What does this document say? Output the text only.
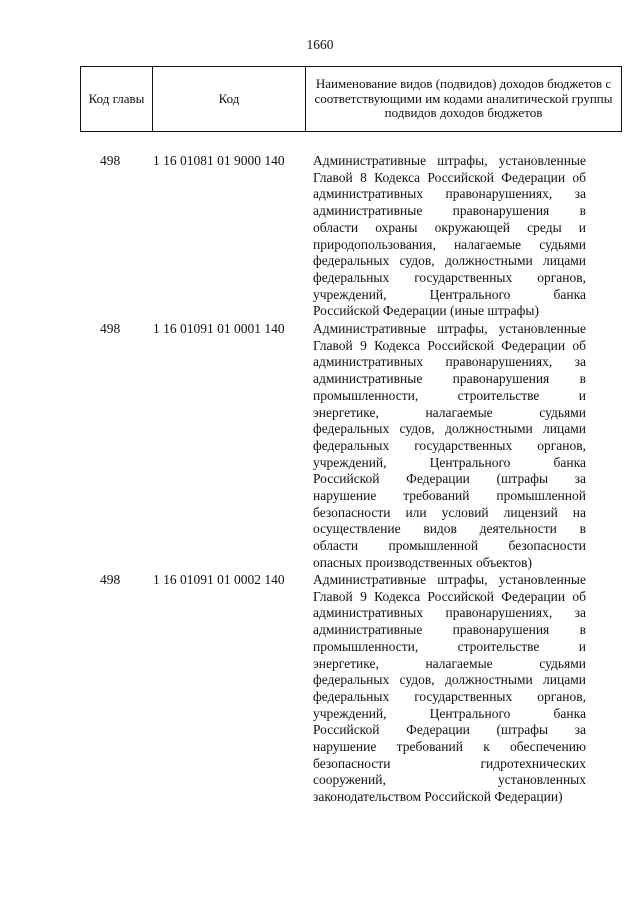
1660
Код главы	Код	Наименование видов (подвидов) доходов бюджетов с соответствующими им кодами аналитической группы подвидов доходов бюджетов
498	1 16 01081 01 9000 140	Административные штрафы, установленные
Главой 8 Кодекса Российской Федерации об
административных правонарушениях, за
административные правонарушения в
области охраны окружающей среды и
природопользования, налагаемые судьями
федеральных судов, должностными лицами
федеральных государственных органов,
учреждений, Центрального банка
Российской Федерации (иные штрафы)
498	1 16 01091 01 0001 140	Административные штрафы, установленные
Главой 9 Кодекса Российской Федерации об
административных правонарушениях, за
административные правонарушения в
промышленности, строительстве и
энергетике, налагаемые судьями
федеральных судов, должностными лицами
федеральных государственных органов,
учреждений, Центрального банка
Российской Федерации (штрафы за
нарушение требований промышленной
безопасности или условий лицензий на
осуществление видов деятельности в
области промышленной безопасности
опасных производственных объектов)
498	1 16 01091 01 0002 140	Административные штрафы, установленные
Главой 9 Кодекса Российской Федерации об
административных правонарушениях, за
административные правонарушения в
промышленности, строительстве и
энергетике, налагаемые судьями
федеральных судов, должностными лицами
федеральных государственных органов,
учреждений, Центрального банка
Российской Федерации (штрафы за
нарушение требований к обеспечению
безопасности гидротехнических
сооружений, установленных
законодательством Российской Федерации)
